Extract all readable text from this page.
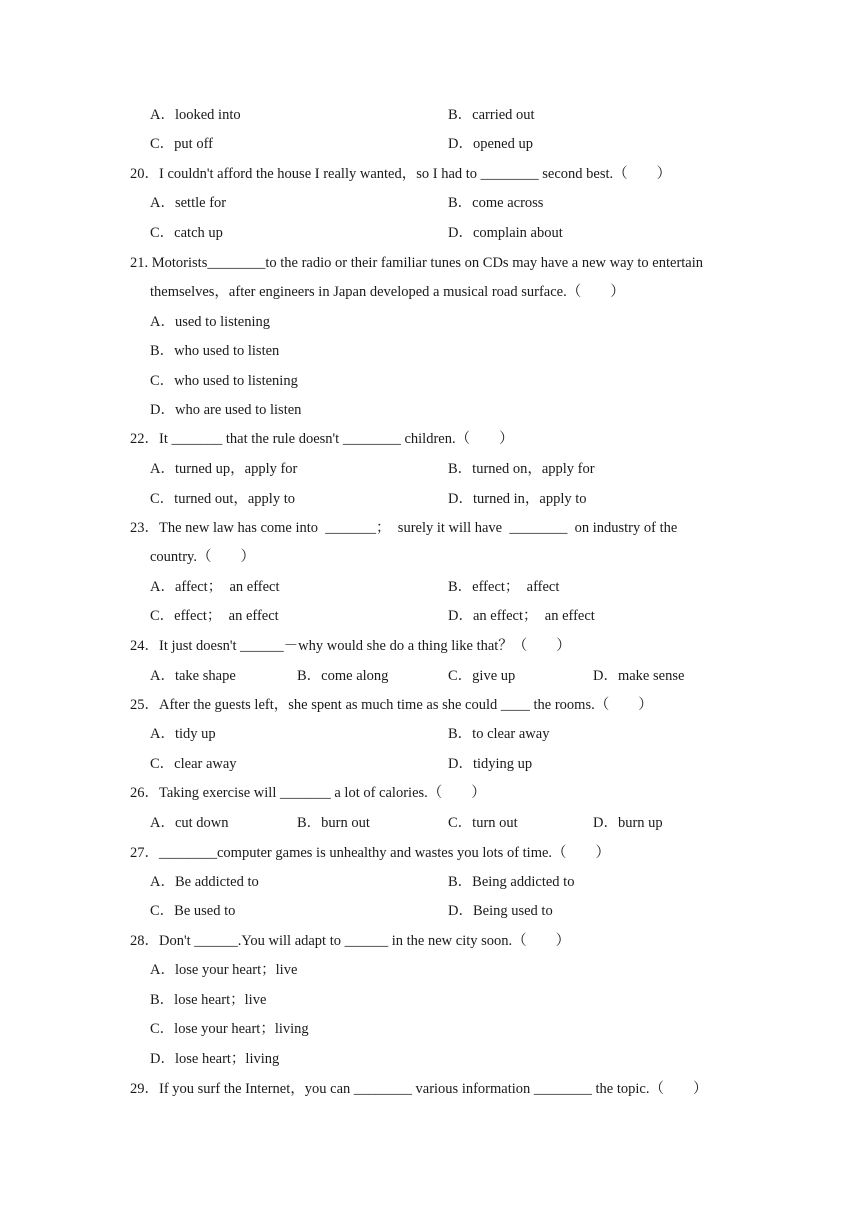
A．looked into	B．carried out
C．put off	D．opened up
20．I couldn't afford the house I really wanted，so I had to ________ second best.（　　）
A．settle for	B．come across
C．catch up	D．complain about
21. Motorists________to the radio or their familiar tunes on CDs may have a new way to entertain
themselves，after engineers in Japan developed a musical road surface.（　　）
A．used to listening
B．who used to listen
C．who used to listening
D．who are used to listen
22．It _______ that the rule doesn't ________ children.（　　）
A．turned up，apply for	B．turned on，apply for
C．turned out，apply to	D．turned in，apply to
23．The new law has come into  _______；  surely it will have  ________  on industry of the
country.（　　）
A．affect；  an effect	B．effect；  affect
C．effect；  an effect	D．an effect；  an effect
24．It just doesn't ______－why would she do a thing like that？（　　）
A．take shape	B．come along	C．give up	D．make sense
25．After the guests left，she spent as much time as she could ____ the rooms.（　　）
A．tidy up	B．to clear away
C．clear away	D．tidying up
26．Taking exercise will _______ a lot of calories.（　　）
A．cut down	B．burn out	C．turn out	D．burn up
27．________computer games is unhealthy and wastes you lots of time.（　　）
A．Be addicted to	B．Being addicted to
C．Be used to	D．Being used to
28．Don't ______.You will adapt to ______ in the new city soon.（　　）
A．lose your heart；live
B．lose heart；live
C．lose your heart；living
D．lose heart；living
29．If you surf the Internet，you can ________ various information ________ the topic.（　　）
